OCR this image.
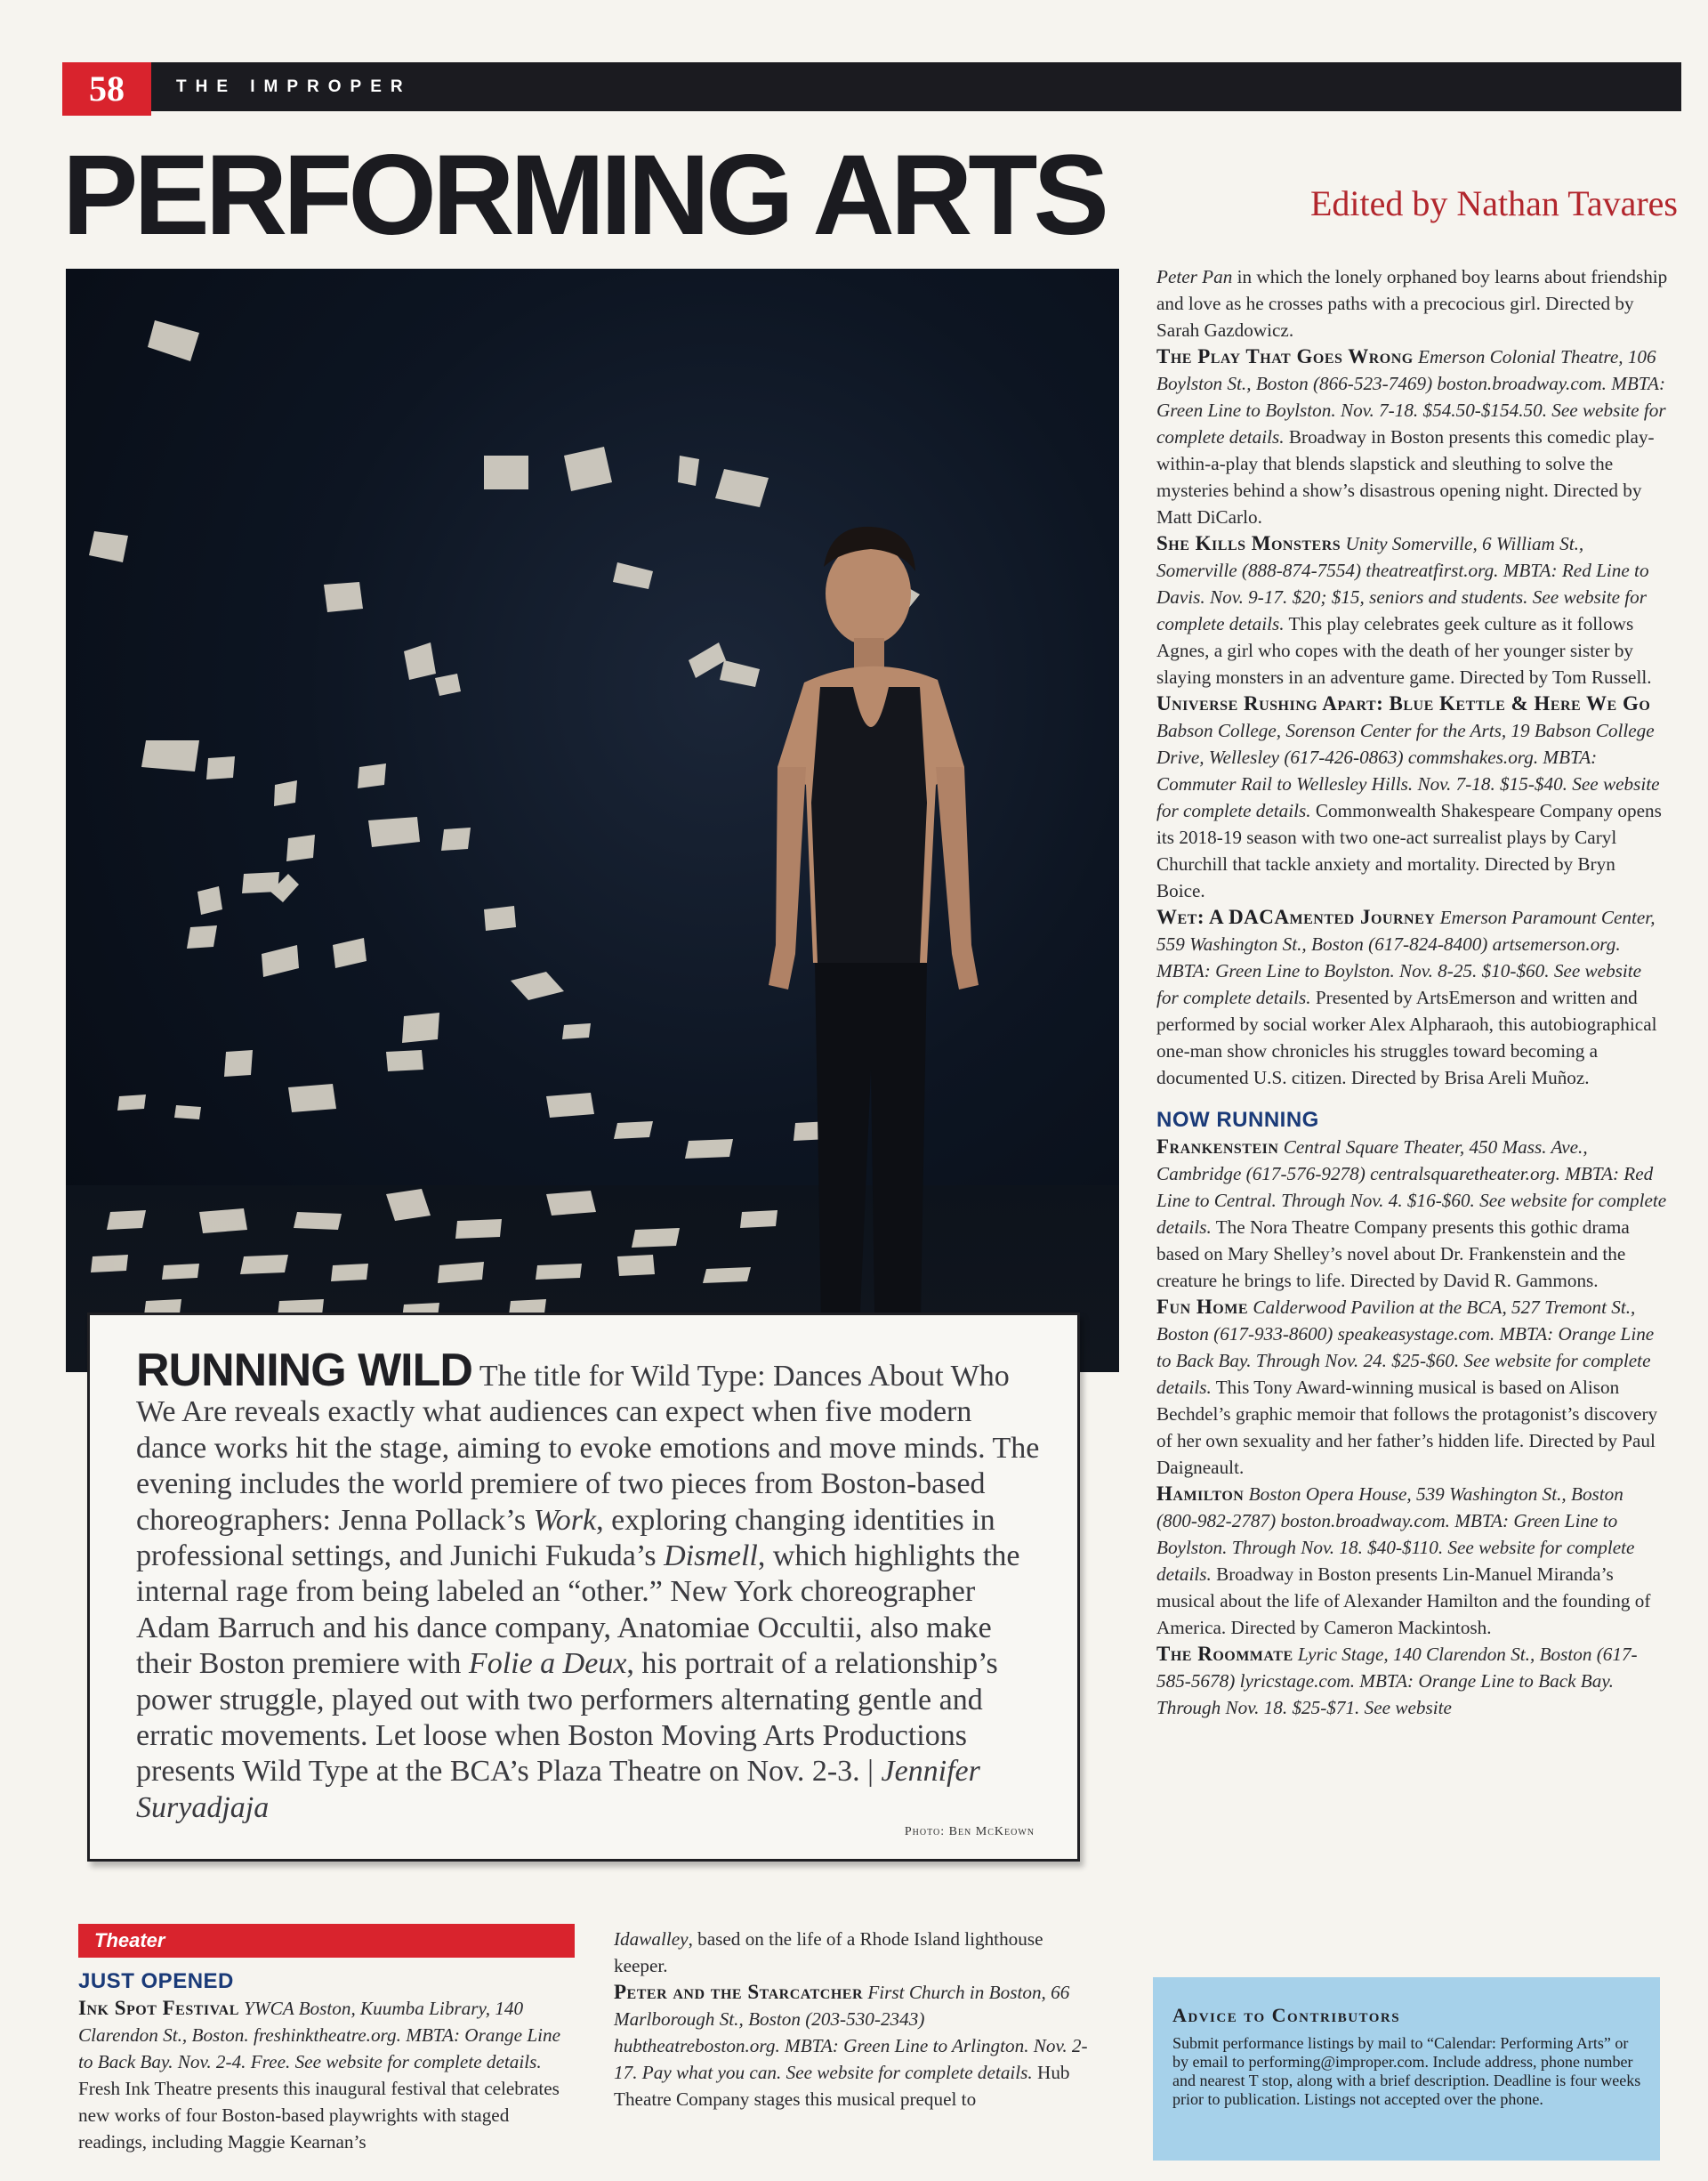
58	THE IMPROPER
PERFORMING ARTS	Edited by Nathan Tavares
RUNNING WILD The title for Wild Type: Dances About Who We Are reveals exactly what audiences can expect when five modern dance works hit the stage, aiming to evoke emotions and move minds. The evening includes the world premiere of two pieces from Boston-based choreographers: Jenna Pollack’s Work, exploring changing identities in professional settings, and Junichi Fukuda’s Dismell, which highlights the internal rage from being labeled an “other.” New York choreographer Adam Barruch and his dance company, Anatomiae Occultii, also make their Boston premiere with Folie a Deux, his portrait of a relationship’s power struggle, played out with two performers alternating gentle and erratic movements. Let loose when Boston Moving Arts Productions presents Wild Type at the BCA’s Plaza Theatre on Nov. 2-3. | Jennifer Suryadjaja
Photo: Ben McKeown
Theater
JUST OPENED

Ink Spot Festival YWCA Boston, Kuumba Library, 140 Clarendon St., Boston. freshinktheatre.org. MBTA: Orange Line to Back Bay. Nov. 2-4. Free. See website for complete details. Fresh Ink Theatre presents this inaugural festival that celebrates new works of four Boston-based playwrights with staged readings, including Maggie Kearnan’s

Idawalley, based on the life of a Rhode Island lighthouse keeper.

Peter and the Starcatcher First Church in Boston, 66 Marlborough St., Boston (203-530-2343) hubtheatreboston.org. MBTA: Green Line to Arlington. Nov. 2-17. Pay what you can. See website for complete details. Hub Theatre Company stages this musical prequel to

Peter Pan in which the lonely orphaned boy learns about friendship and love as he crosses paths with a precocious girl. Directed by Sarah Gazdowicz.

The Play That Goes Wrong Emerson Colonial Theatre, 106 Boylston St., Boston (866-523-7469) boston.broadway.com. MBTA: Green Line to Boylston. Nov. 7-18. $54.50-$154.50. See website for complete details. Broadway in Boston presents this comedic play-within-a-play that blends slapstick and sleuthing to solve the mysteries behind a show’s disastrous opening night. Directed by Matt DiCarlo.

She Kills Monsters Unity Somerville, 6 William St., Somerville (888-874-7554) theatreatfirst.org. MBTA: Red Line to Davis. Nov. 9-17. $20; $15, seniors and students. See website for complete details. This play celebrates geek culture as it follows Agnes, a girl who copes with the death of her younger sister by slaying monsters in an adventure game. Directed by Tom Russell.

Universe Rushing Apart: Blue Kettle & Here We Go Babson College, Sorenson Center for the Arts, 19 Babson College Drive, Wellesley (617-426-0863) commshakes.org. MBTA: Commuter Rail to Wellesley Hills. Nov. 7-18. $15-$40. See website for complete details. Commonwealth Shakespeare Company opens its 2018-19 season with two one-act surrealist plays by Caryl Churchill that tackle anxiety and mortality. Directed by Bryn Boice.

Wet: A DACAmented Journey Emerson Paramount Center, 559 Washington St., Boston (617-824-8400) artsemerson.org. MBTA: Green Line to Boylston. Nov. 8-25. $10-$60. See website for complete details. Presented by ArtsEmerson and written and performed by social worker Alex Alpharaoh, this autobiographical one-man show chronicles his struggles toward becoming a documented U.S. citizen. Directed by Brisa Areli Muñoz.

NOW RUNNING

Frankenstein Central Square Theater, 450 Mass. Ave., Cambridge (617-576-9278) centralsquaretheater.org. MBTA: Red Line to Central. Through Nov. 4. $16-$60. See website for complete details. The Nora Theatre Company presents this gothic drama based on Mary Shelley’s novel about Dr. Frankenstein and the creature he brings to life. Directed by David R. Gammons.

Fun Home Calderwood Pavilion at the BCA, 527 Tremont St., Boston (617-933-8600) speakeasystage.com. MBTA: Orange Line to Back Bay. Through Nov. 24. $25-$60. See website for complete details. This Tony Award-winning musical is based on Alison Bechdel’s graphic memoir that follows the protagonist’s discovery of her own sexuality and her father’s hidden life. Directed by Paul Daigneault.

Hamilton Boston Opera House, 539 Washington St., Boston (800-982-2787) boston.broadway.com. MBTA: Green Line to Boylston. Through Nov. 18. $40-$110. See website for complete details. Broadway in Boston presents Lin-Manuel Miranda’s musical about the life of Alexander Hamilton and the founding of America. Directed by Cameron Mackintosh.

The Roommate Lyric Stage, 140 Clarendon St., Boston (617-585-5678) lyricstage.com. MBTA: Orange Line to Back Bay. Through Nov. 18. $25-$71. See website

Advice to Contributors
Submit performance listings by mail to “Calendar: Performing Arts” or by email to performing@improper.com. Include address, phone number and nearest T stop, along with a brief description. Deadline is four weeks prior to publication. Listings not accepted over the phone.
